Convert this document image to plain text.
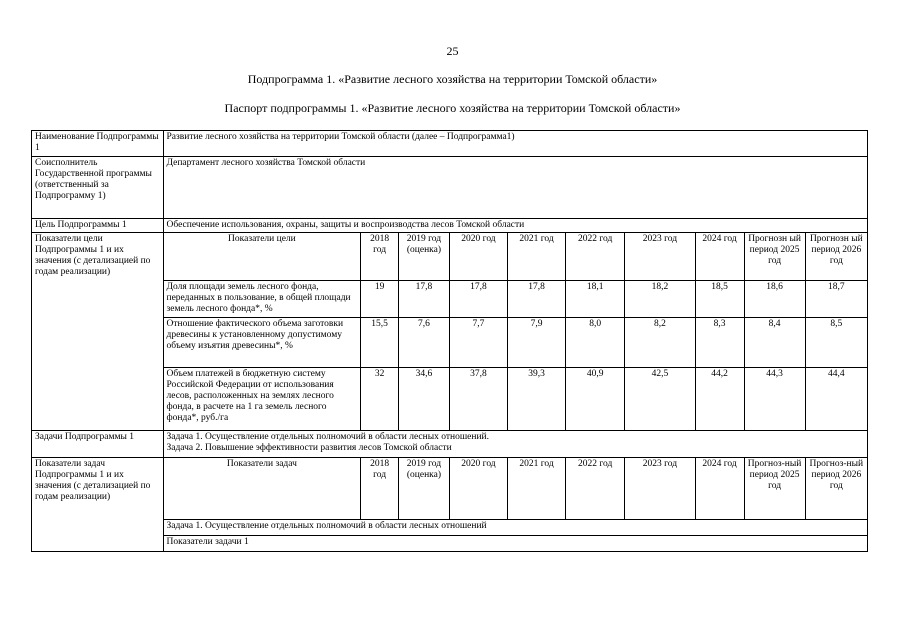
25
Подпрограмма 1. «Развитие лесного хозяйства на территории Томской области»
Паспорт подпрограммы 1. «Развитие лесного хозяйства на территории Томской области»
Наименование Подпрограммы 1	Развитие лесного хозяйства на территории Томской области (далее – Подпрограмма1)									
Соисполнитель Государственной программы (ответственный за Подпрограмму 1)	Департамент лесного хозяйства Томской области									
Цель Подпрограммы 1	Обеспечение использования, охраны, защиты и воспроизводства лесов Томской области									
Показатели цели Подпрограммы 1 и их значения (с детализацией по годам реализации)	Показатели цели	2018 год	2019 год (оценка)	2020 год	2021 год	2022 год	2023 год	2024 год	Прогнозн ый период 2025 год	Прогнозн ый период 2026 год
	Доля площади земель лесного фонда, переданных в пользование, в общей площади земель лесного фонда*, %	19	17,8	17,8	17,8	18,1	18,2	18,5	18,6	18,7
	Отношение фактического объема заготовки древесины к установленному допустимому объему изъятия древесины*, %	15,5	7,6	7,7	7,9	8,0	8,2	8,3	8,4	8,5
	Объем платежей в бюджетную систему Российской Федерации от использования лесов, расположенных на землях лесного фонда, в расчете на 1 га земель лесного фонда*, руб./га	32	34,6	37,8	39,3	40,9	42,5	44,2	44,3	44,4
Задачи Подпрограммы 1	Задача 1. Осуществление отдельных полномочий в области лесных отношений.
Задача 2. Повышение эффективности развития лесов Томской области									

Показатели задач Подпрограммы 1 и их значения (с детализацией по годам реализации)	Показатели задач	2018 год	2019 год (оценка)	2020 год	2021 год	2022 год	2023 год	2024 год	Прогноз-ный период 2025 год	Прогноз-ный период 2026 год
	Задача 1. Осуществление отдельных полномочий в области лесных отношений									
	Показатели задачи 1									
